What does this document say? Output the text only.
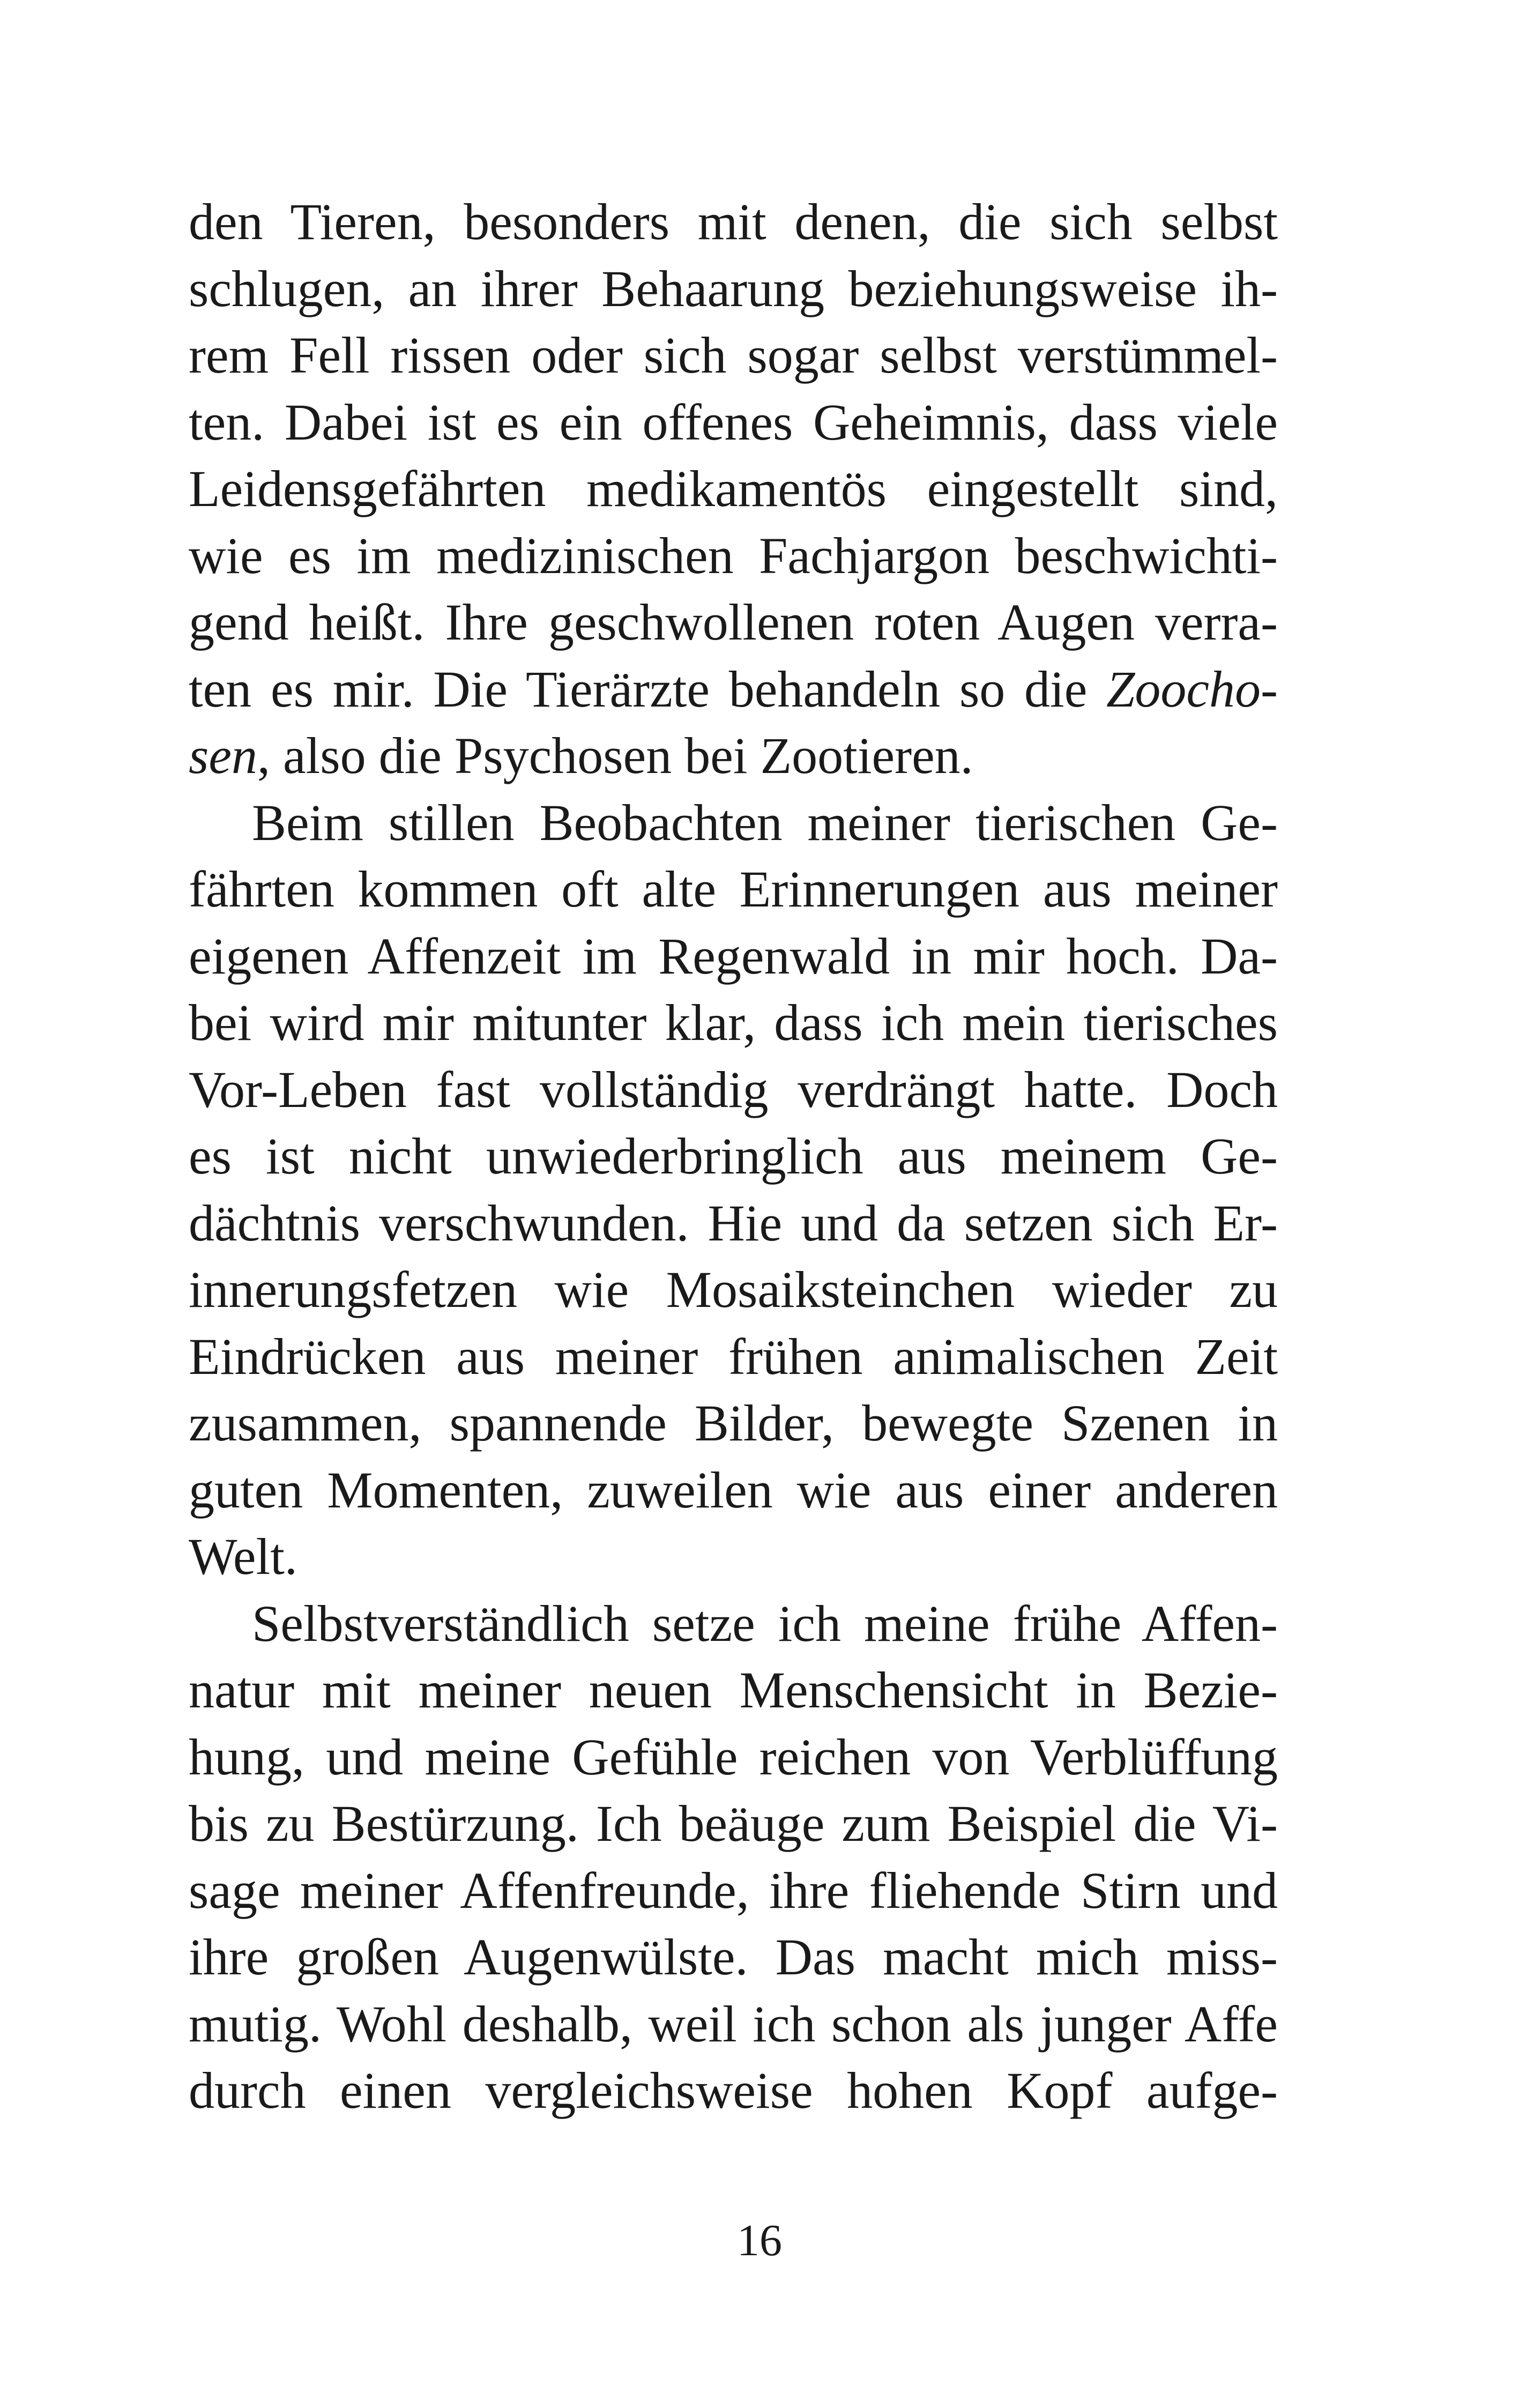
den Tieren, besonders mit denen, die sich selbst
schlugen, an ihrer Behaarung beziehungsweise ih-
rem Fell rissen oder sich sogar selbst verstümmel-
ten. Dabei ist es ein offenes Geheimnis, dass viele
Leidensgefährten medikamentös eingestellt sind,
wie es im medizinischen Fachjargon beschwichti-
gend heißt. Ihre geschwollenen roten Augen verra-
ten es mir. Die Tierärzte behandeln so die Zoocho-
sen, also die Psychosen bei Zootieren.
Beim stillen Beobachten meiner tierischen Ge-
fährten kommen oft alte Erinnerungen aus meiner
eigenen Affenzeit im Regenwald in mir hoch. Da-
bei wird mir mitunter klar, dass ich mein tierisches
Vor-Leben fast vollständig verdrängt hatte. Doch
es ist nicht unwiederbringlich aus meinem Ge-
dächtnis verschwunden. Hie und da setzen sich Er-
innerungsfetzen wie Mosaiksteinchen wieder zu
Eindrücken aus meiner frühen animalischen Zeit
zusammen, spannende Bilder, bewegte Szenen in
guten Momenten, zuweilen wie aus einer anderen
Welt.
Selbstverständlich setze ich meine frühe Affen-
natur mit meiner neuen Menschensicht in Bezie-
hung, und meine Gefühle reichen von Verblüffung
bis zu Bestürzung. Ich beäuge zum Beispiel die Vi-
sage meiner Affenfreunde, ihre fliehende Stirn und
ihre großen Augenwülste. Das macht mich miss-
mutig. Wohl deshalb, weil ich schon als junger Affe
durch einen vergleichsweise hohen Kopf aufge-
16
